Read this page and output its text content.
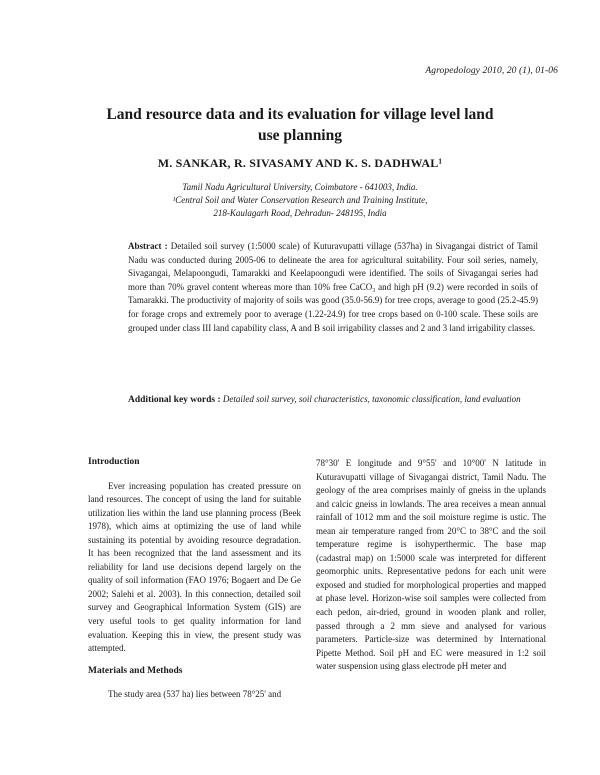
Agropedology 2010, 20 (1), 01-06
Land resource data and its evaluation for village level land use planning
M. SANKAR, R. SIVASAMY AND K. S. DADHWAL¹
Tamil Nadu Agricultural University, Coimbatore - 641003, India.
¹Central Soil and Water Conservation Research and Training Institute,
218-Kaulagarh Road, Dehradun- 248195, India
Abstract : Detailed soil survey (1:5000 scale) of Kuturavupatti village (537ha) in Sivagangai district of Tamil Nadu was conducted during 2005-06 to delineate the area for agricultural suitability. Four soil series, namely, Sivagangai, Melapoongudi, Tamarakki and Keelapoongudi were identified. The soils of Sivagangai series had more than 70% gravel content whereas more than 10% free CaCO₃ and high pH (9.2) were recorded in soils of Tamarakki. The productivity of majority of soils was good (35.0-56.9) for tree crops, average to good (25.2-45.9) for forage crops and extremely poor to average (1.22-24.9) for tree crops based on 0-100 scale. These soils are grouped under class III land capability class, A and B soil irrigability classes and 2 and 3 land irrigability classes.
Additional key words : Detailed soil survey, soil characteristics, taxonomic classification, land evaluation
Introduction

Ever increasing population has created pressure on land resources. The concept of using the land for suitable utilization lies within the land use planning process (Beek 1978), which aims at optimizing the use of land while sustaining its potential by avoiding resource degradation. It has been recognized that the land assessment and its reliability for land use decisions depend largely on the quality of soil information (FAO 1976; Bogaert and De Ge 2002; Salehi et al. 2003). In this connection, detailed soil survey and Geographical Information System (GIS) are very useful tools to get quality information for land evaluation. Keeping this in view, the present study was attempted.

Materials and Methods

The study area (537 ha) lies between 78°25' and

78°30' E longitude and 9°55' and 10°00' N latitude in Kuturavupatti village of Sivagangai district, Tamil Nadu. The geology of the area comprises mainly of gneiss in the uplands and calcic gneiss in lowlands. The area receives a mean annual rainfall of 1012 mm and the soil moisture regime is ustic. The mean air temperature ranged from 20°C to 38°C and the soil temperature regime is isohyperthermic. The base map (cadastral map) on 1:5000 scale was interpreted for different geomorphic units. Representative pedons for each unit were exposed and studied for morphological properties and mapped at phase level. Horizon-wise soil samples were collected from each pedon, air-dried, ground in wooden plank and roller, passed through a 2 mm sieve and analysed for various parameters. Particle-size was determined by International Pipette Method. Soil pH and EC were measured in 1:2 soil water suspension using glass electrode pH meter and
